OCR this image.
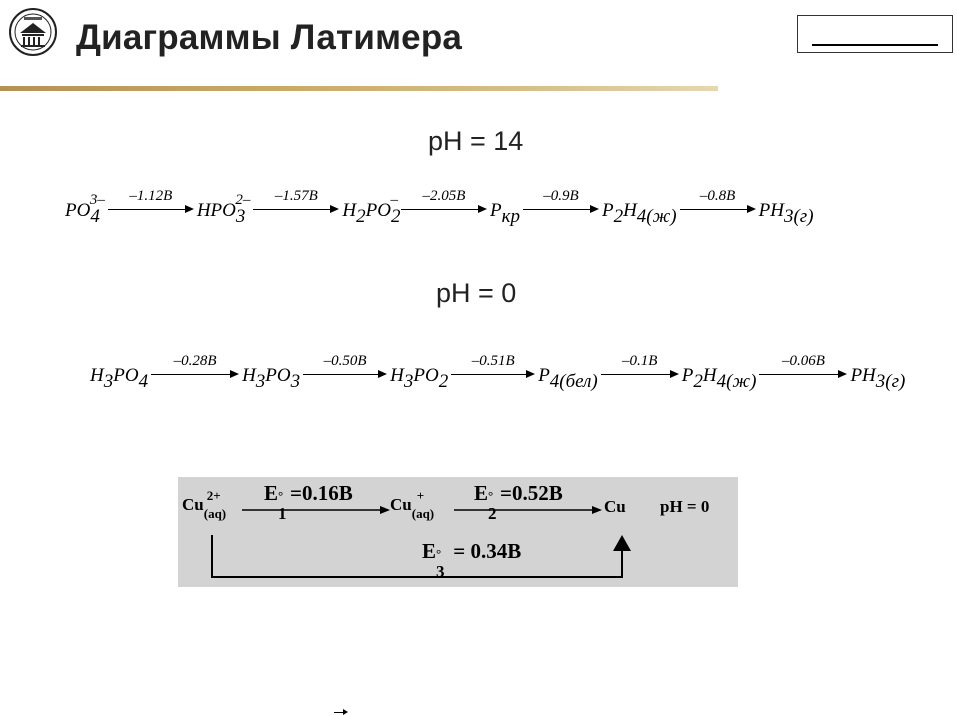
Диаграммы Латимера
pH = 14
$PO_4^{3-}$	–1.12В
$HPO_3^{2-}$	–1.57В
$H_2PO_2^-$	–2.05В
$P_{кр}$
–0.9В
$P_2H_{4(ж)}$
–0.8В
$PH_{3(г)}$
pH = 0
$H_3PO_4$
–0.28В
$H_3PO_3$
–0.50В
$H_3PO_2$
–0.51В
$P_{4(бел)}$
–0.1В
$P_2H_{4(ж)}$
–0.06В
$PH_{3(г)}$
Cu 2+
(aq)
E °
1
=0.16B Cu +
(aq)
E °
2
=0.52B
Cu pH = 0
E °
3
= 0.34B
